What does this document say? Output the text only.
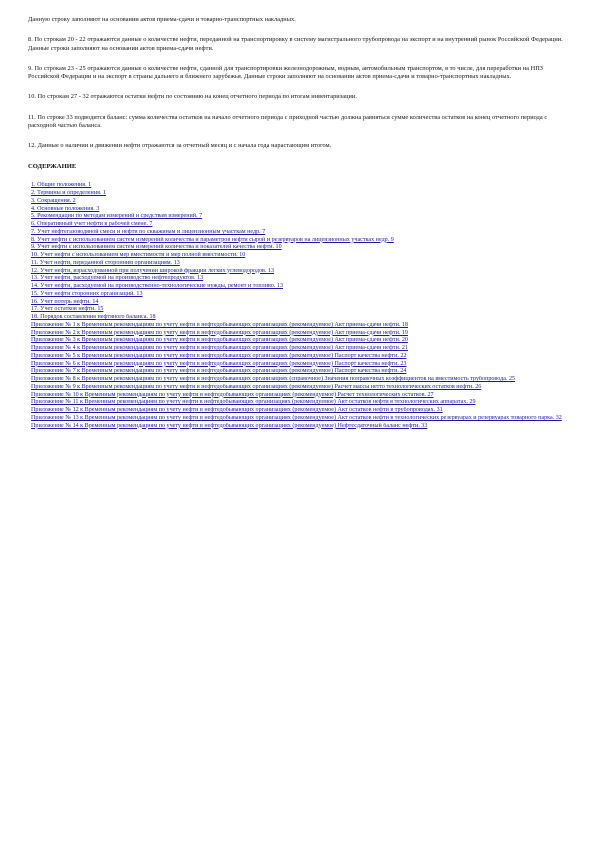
Данную строку заполняют на основании актов приема-сдачи и товарно-транспортных накладных.

8. По строкам 20 - 22 отражаются данные о количестве нефти, переданной на транспортировку в систему магистрального трубопровода на экспорт и на внутренний рынок Российской Федерации. Данные строки заполняют на основании актов приема-сдачи нефти.

9. По строкам 23 - 25 отражаются данные о количестве нефти, сданной для транспортировки железнодорожным, водным, автомобильным транспортом, в то числе, для переработки на НПЗ Российской Федерации и на экспорт в страны дальнего и ближнего зарубежья. Данные строки заполняют на основании актов приема-сдачи и товарно-транспортных накладных.

10. По строкам 27 - 32 отражаются остатки нефти по состоянию на конец отчетного периода по итогам инвентаризации.

11. По строке 33 подводится баланс: сумма количества остатков на начало отчетного периода с приходной частью должна равняться сумме количества остатков на конец отчетного периода с расходной частью баланса.

12. Данные о наличии и движении нефти отражаются за отчетный месяц и с начала года нарастающим итогом.

СОДЕРЖАНИЕ
1. Общие положения. 1
2. Термины и определения. 1
3. Сокращения. 2
4. Основные положения. 3
5. Рекомендации по методам измерений и средствам измерений. 7
6. Оперативный учет нефти в рабочей смене. 7
7. Учет нефтегазоводяной смеси и нефти по скважинам и лицензионным участкам недр. 7
8. Учет нефти с использованием систем измерений количества и параметров нефти сырой и резервуаров на лицензионных участках недр. 9
9. Учет нефти с использованием систем измерений количества и показателей качества нефти. 10
10. Учет нефти с использованием мер вместимости и мер полной вместимости. 10
11. Учет нефти, переданной сторонним организациям. 13
12. Учет нефти, израсходованной при получении широкой фракции легких углеводородов. 13
13. Учет нефти, расходуемой на производство нефтепродуктов. 13
14. Учет нефти, расходуемой на производственно-технологические нужды, ремонт и топливо. 13
15. Учет нефти сторонних организаций. 13
16. Учет потерь нефти. 14
17. Учет остатков нефти. 15
18. Порядок составления нефтяного баланса. 18
Приложение № 1 к Временным рекомендациям по учету нефти в нефтедобывающих организациях (рекомендуемое) Акт приема-сдачи нефти. 18
Приложение № 2 к Временным рекомендациям по учету нефти в нефтедобывающих организациях (рекомендуемое) Акт приема-сдачи нефти. 19
Приложение № 3 к Временным рекомендациям по учету нефти в нефтедобывающих организациях (рекомендуемое) Акт приема-сдачи нефти. 20
Приложение № 4 к Временным рекомендациям по учету нефти в нефтедобывающих организациях (рекомендуемое) Акт приема-сдачи нефти. 21
Приложение № 5 к Временным рекомендациям по учету нефти в нефтедобывающих организациях (рекомендуемое) Паспорт качества нефти. 22
Приложение № 6 к Временным рекомендациям по учету нефти в нефтедобывающих организациях (рекомендуемое) Паспорт качества нефти. 23
Приложение № 7 к Временным рекомендациям по учету нефти в нефтедобывающих организациях (рекомендуемое) Паспорт качества нефти. 24
Приложение № 8 к Временным рекомендациям по учету нефти в нефтедобывающих организациях (справочное) Значения поправочных коэффициентов на вместимость трубопровода. 25
Приложение № 9 к Временным рекомендациям по учету нефти в нефтедобывающих организациях (рекомендуемое) Расчет массы нетто технологических остатков нефти. 26
Приложение № 10 к Временным рекомендациям по учету нефти в нефтедобывающих организациях (рекомендуемое) Расчет технологических остатков. 27
Приложение № 11 к Временным рекомендациям по учету нефти в нефтедобывающих организациях (рекомендуемое) Акт остатков нефти в технологических аппаратах. 29
Приложение № 12 к Временным рекомендациям по учету нефти в нефтедобывающих организациях (рекомендуемое) Акт остатков нефти в трубопроводах. 31
Приложение № 13 к Временным рекомендациям по учету нефти в нефтедобывающих организациях (рекомендуемое) Акт остатков нефти в технологических резервуарах и резервуарах товарного парка. 32
Приложение № 14 к Временным рекомендациям по учету нефти в нефтедобывающих организациях (рекомендуемое) Нефтесдаточный баланс нефти. 33
